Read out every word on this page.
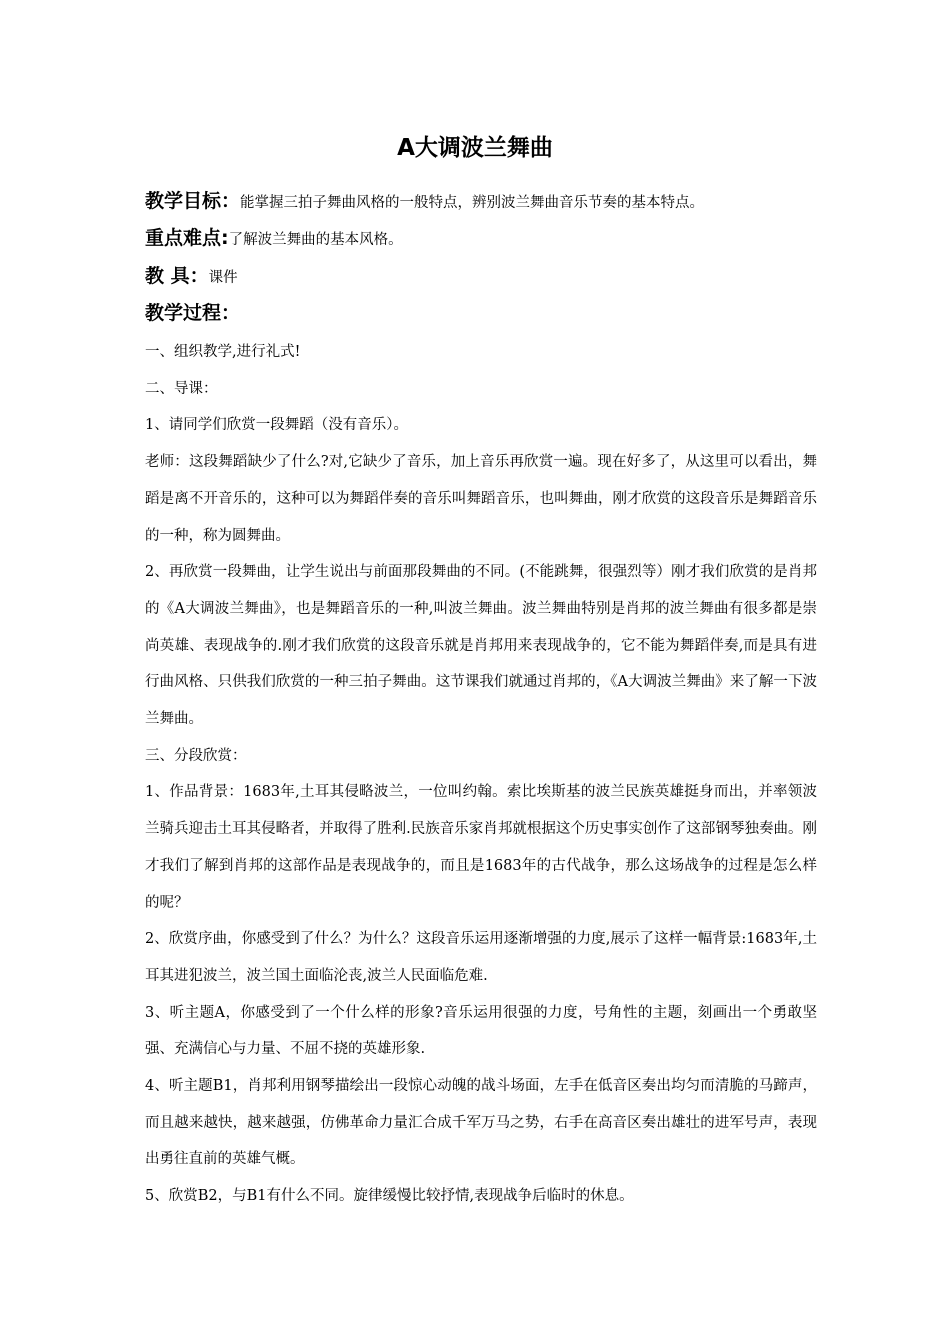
A大调波兰舞曲
教学目标：能掌握三拍子舞曲风格的一般特点，辨别波兰舞曲音乐节奏的基本特点。
重点难点:了解波兰舞曲的基本风格。
教 具：课件
教学过程：

一、组织教学,进行礼式!

二、导课：

1、请同学们欣赏一段舞蹈（没有音乐）。

老师：这段舞蹈缺少了什么?对,它缺少了音乐，加上音乐再欣赏一遍。现在好多了，从这里可以看出，舞蹈是离不开音乐的，这种可以为舞蹈伴奏的音乐叫舞蹈音乐，也叫舞曲，刚才欣赏的这段音乐是舞蹈音乐的一种，称为圆舞曲。

2、再欣赏一段舞曲，让学生说出与前面那段舞曲的不同。(不能跳舞，很强烈等）刚才我们欣赏的是肖邦的《A大调波兰舞曲》，也是舞蹈音乐的一种,叫波兰舞曲。波兰舞曲特别是肖邦的波兰舞曲有很多都是崇尚英雄、表现战争的.刚才我们欣赏的这段音乐就是肖邦用来表现战争的，它不能为舞蹈伴奏,而是具有进行曲风格、只供我们欣赏的一种三拍子舞曲。这节课我们就通过肖邦的，《A大调波兰舞曲》来了解一下波兰舞曲。

三、分段欣赏：

1、作品背景：1683年,土耳其侵略波兰，一位叫约翰。索比埃斯基的波兰民族英雄挺身而出，并率领波兰骑兵迎击土耳其侵略者，并取得了胜利.民族音乐家肖邦就根据这个历史事实创作了这部钢琴独奏曲。刚才我们了解到肖邦的这部作品是表现战争的，而且是1683年的古代战争，那么这场战争的过程是怎么样的呢？

2、欣赏序曲，你感受到了什么？为什么？这段音乐运用逐渐增强的力度,展示了这样一幅背景:1683年,土耳其进犯波兰，波兰国土面临沦丧,波兰人民面临危难.

3、听主题A，你感受到了一个什么样的形象?音乐运用很强的力度，号角性的主题，刻画出一个勇敢坚强、充满信心与力量、不屈不挠的英雄形象.

4、听主题B1，肖邦利用钢琴描绘出一段惊心动魄的战斗场面，左手在低音区奏出均匀而清脆的马蹄声，而且越来越快，越来越强，仿佛革命力量汇合成千军万马之势，右手在高音区奏出雄壮的进军号声，表现出勇往直前的英雄气概。

5、欣赏B2，与B1有什么不同。旋律缓慢比较抒情,表现战争后临时的休息。
